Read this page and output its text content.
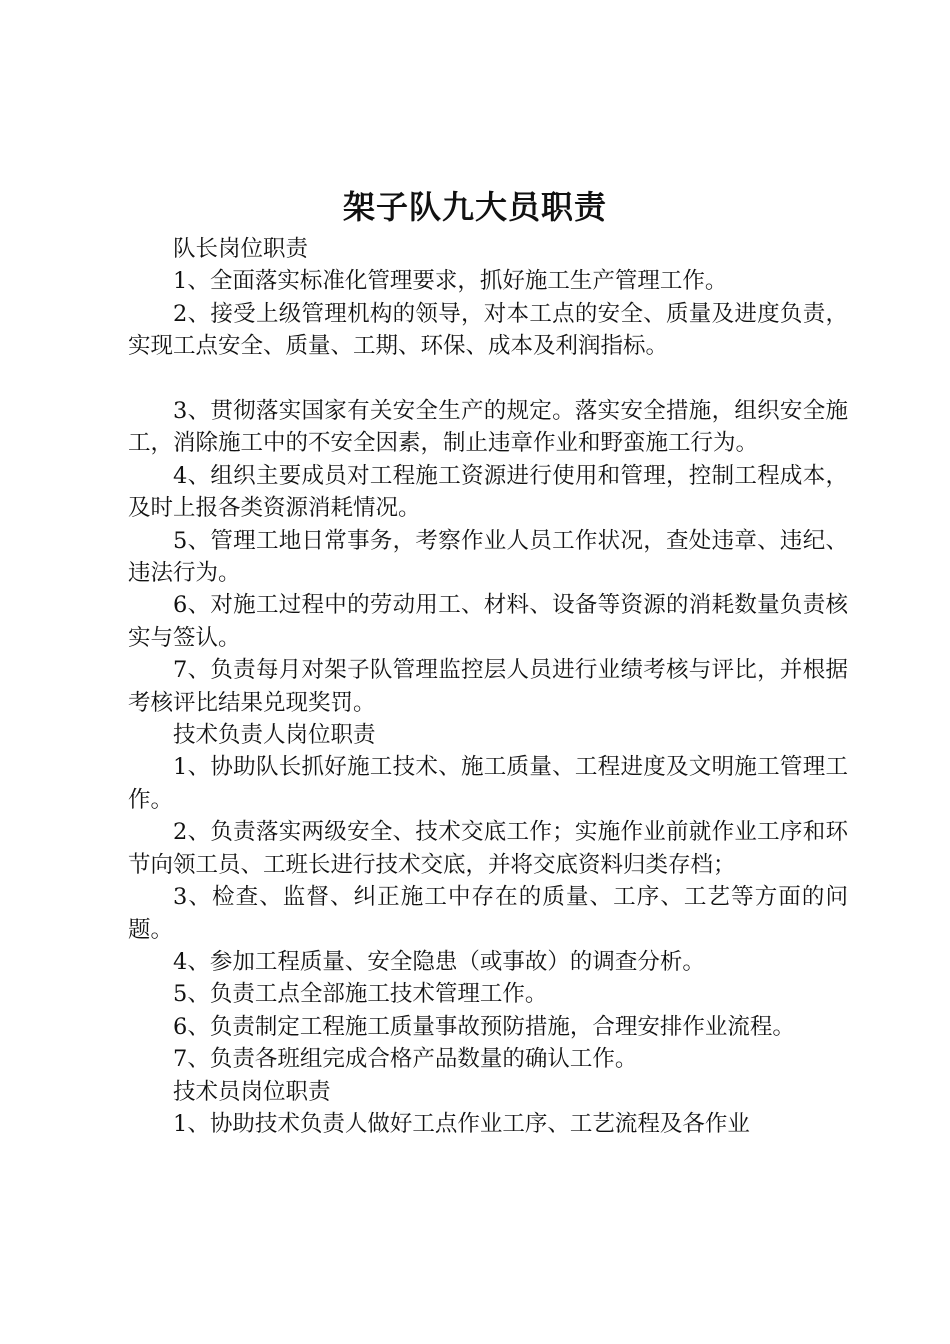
架子队九大员职责

队长岗位职责

1、全面落实标准化管理要求，抓好施工生产管理工作。

2、接受上级管理机构的领导，对本工点的安全、质量及进度负责，实现工点安全、质量、工期、环保、成本及利润指标。

3、贯彻落实国家有关安全生产的规定。落实安全措施，组织安全施工，消除施工中的不安全因素，制止违章作业和野蛮施工行为。

4、组织主要成员对工程施工资源进行使用和管理，控制工程成本，及时上报各类资源消耗情况。

5、管理工地日常事务，考察作业人员工作状况，查处违章、违纪、违法行为。

6、对施工过程中的劳动用工、材料、设备等资源的消耗数量负责核实与签认。

7、负责每月对架子队管理监控层人员进行业绩考核与评比，并根据考核评比结果兑现奖罚。

技术负责人岗位职责

1、协助队长抓好施工技术、施工质量、工程进度及文明施工管理工作。

2、负责落实两级安全、技术交底工作；实施作业前就作业工序和环节向领工员、工班长进行技术交底，并将交底资料归类存档；

3、检查、监督、纠正施工中存在的质量、工序、工艺等方面的问题。

4、参加工程质量、安全隐患（或事故）的调查分析。

5、负责工点全部施工技术管理工作。

6、负责制定工程施工质量事故预防措施，合理安排作业流程。

7、负责各班组完成合格产品数量的确认工作。

技术员岗位职责

1、协助技术负责人做好工点作业工序、工艺流程及各作业
